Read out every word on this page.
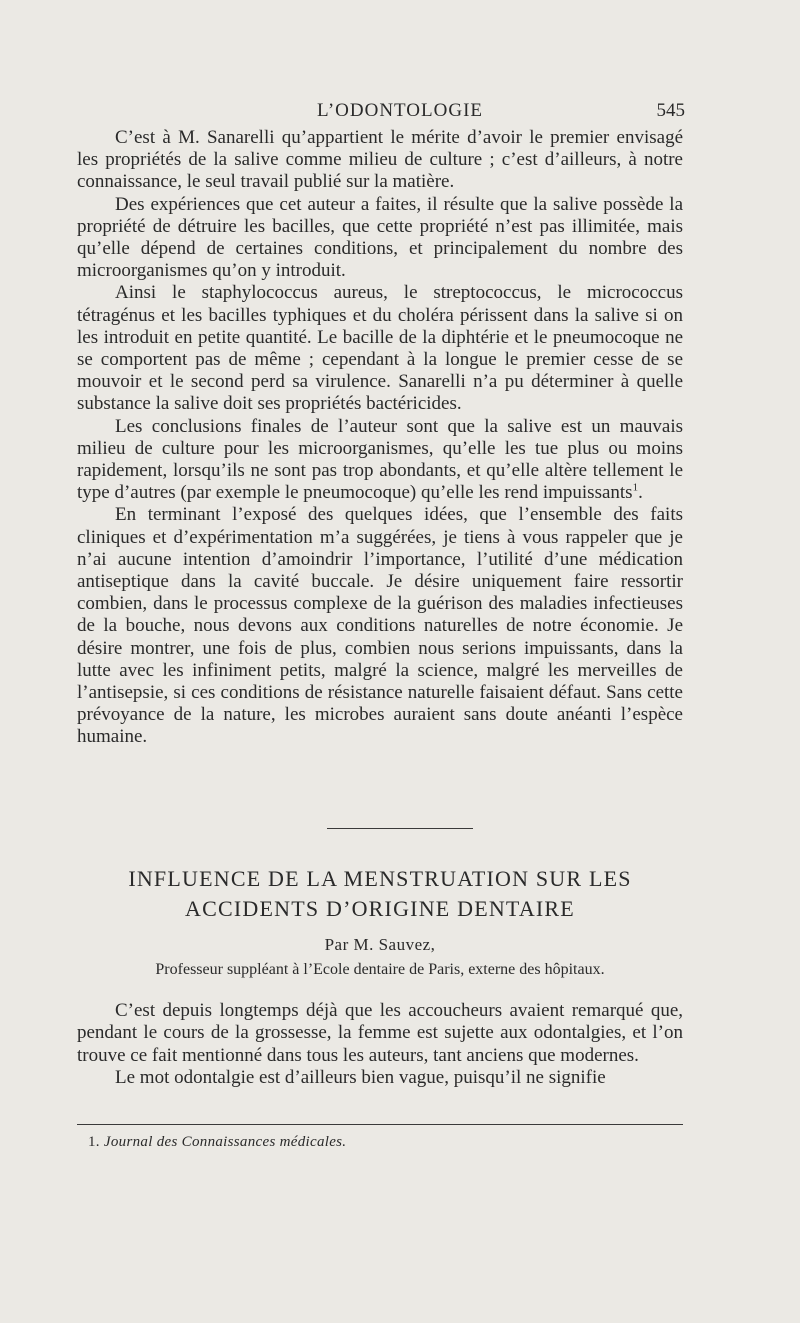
L’ODONTOLOGIE	545

C’est à M. Sanarelli qu’appartient le mérite d’avoir le premier envisagé les propriétés de la salive comme milieu de culture ; c’est d’ailleurs, à notre connaissance, le seul travail publié sur la matière.

Des expériences que cet auteur a faites, il résulte que la salive possède la propriété de détruire les bacilles, que cette propriété n’est pas illimitée, mais qu’elle dépend de certaines conditions, et principalement du nombre des microorganismes qu’on y introduit.

Ainsi le staphylococcus aureus, le streptococcus, le micrococcus tétragénus et les bacilles typhiques et du choléra périssent dans la salive si on les introduit en petite quantité. Le bacille de la diphtérie et le pneumocoque ne se comportent pas de même ; cependant à la longue le premier cesse de se mouvoir et le second perd sa virulence. Sanarelli n’a pu déterminer à quelle substance la salive doit ses propriétés bactéricides.

Les conclusions finales de l’auteur sont que la salive est un mauvais milieu de culture pour les microorganismes, qu’elle les tue plus ou moins rapidement, lorsqu’ils ne sont pas trop abondants, et qu’elle altère tellement le type d’autres (par exemple le pneumocoque) qu’elle les rend impuissants$^1$.

En terminant l’exposé des quelques idées, que l’ensemble des faits cliniques et d’expérimentation m’a suggérées, je tiens à vous rappeler que je n’ai aucune intention d’amoindrir l’importance, l’utilité d’une médication antiseptique dans la cavité buccale. Je désire uniquement faire ressortir combien, dans le processus complexe de la guérison des maladies infectieuses de la bouche, nous devons aux conditions naturelles de notre économie. Je désire montrer, une fois de plus, combien nous serions impuissants, dans la lutte avec les infiniment petits, malgré la science, malgré les merveilles de l’antisepsie, si ces conditions de résistance naturelle faisaient défaut. Sans cette prévoyance de la nature, les microbes auraient sans doute anéanti l’espèce humaine.

INFLUENCE DE LA MENSTRUATION SUR LES
ACCIDENTS D’ORIGINE DENTAIRE
Par M. Sauvez,
Professeur suppléant à l’Ecole dentaire de Paris, externe des hôpitaux.

C’est depuis longtemps déjà que les accoucheurs avaient remarqué que, pendant le cours de la grossesse, la femme est sujette aux odontalgies, et l’on trouve ce fait mentionné dans tous les auteurs, tant anciens que modernes.

Le mot odontalgie est d’ailleurs bien vague, puisqu’il ne signifie

1. Journal des Connaissances médicales.
